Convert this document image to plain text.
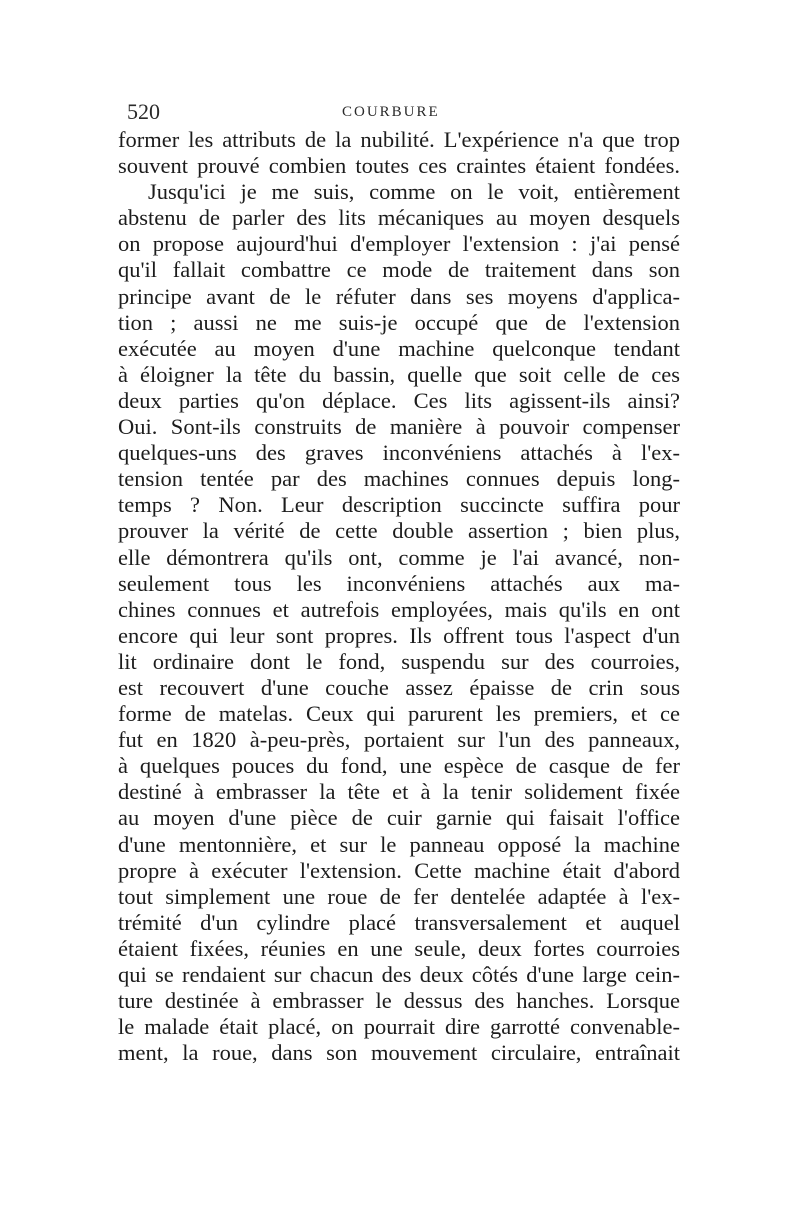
520	COURBURE
former les attributs de la nubilité. L'expérience n'a que trop
souvent prouvé combien toutes ces craintes étaient fondées.
Jusqu'ici je me suis, comme on le voit, entièrement
abstenu de parler des lits mécaniques au moyen desquels
on propose aujourd'hui d'employer l'extension : j'ai pensé
qu'il fallait combattre ce mode de traitement dans son
principe avant de le réfuter dans ses moyens d'applica-
tion ; aussi ne me suis-je occupé que de l'extension
exécutée au moyen d'une machine quelconque tendant
à éloigner la tête du bassin, quelle que soit celle de ces
deux parties qu'on déplace. Ces lits agissent-ils ainsi?
Oui. Sont-ils construits de manière à pouvoir compenser
quelques-uns des graves inconvéniens attachés à l'ex-
tension tentée par des machines connues depuis long-
temps ? Non. Leur description succincte suffira pour
prouver la vérité de cette double assertion ; bien plus,
elle démontrera qu'ils ont, comme je l'ai avancé, non-
seulement tous les inconvéniens attachés aux ma-
chines connues et autrefois employées, mais qu'ils en ont
encore qui leur sont propres. Ils offrent tous l'aspect d'un
lit ordinaire dont le fond, suspendu sur des courroies,
est recouvert d'une couche assez épaisse de crin sous
forme de matelas. Ceux qui parurent les premiers, et ce
fut en 1820 à-peu-près, portaient sur l'un des panneaux,
à quelques pouces du fond, une espèce de casque de fer
destiné à embrasser la tête et à la tenir solidement fixée
au moyen d'une pièce de cuir garnie qui faisait l'office
d'une mentonnière, et sur le panneau opposé la machine
propre à exécuter l'extension. Cette machine était d'abord
tout simplement une roue de fer dentelée adaptée à l'ex-
trémité d'un cylindre placé transversalement et auquel
étaient fixées, réunies en une seule, deux fortes courroies
qui se rendaient sur chacun des deux côtés d'une large cein-
ture destinée à embrasser le dessus des hanches. Lorsque
le malade était placé, on pourrait dire garrotté convenable-
ment, la roue, dans son mouvement circulaire, entraînait
